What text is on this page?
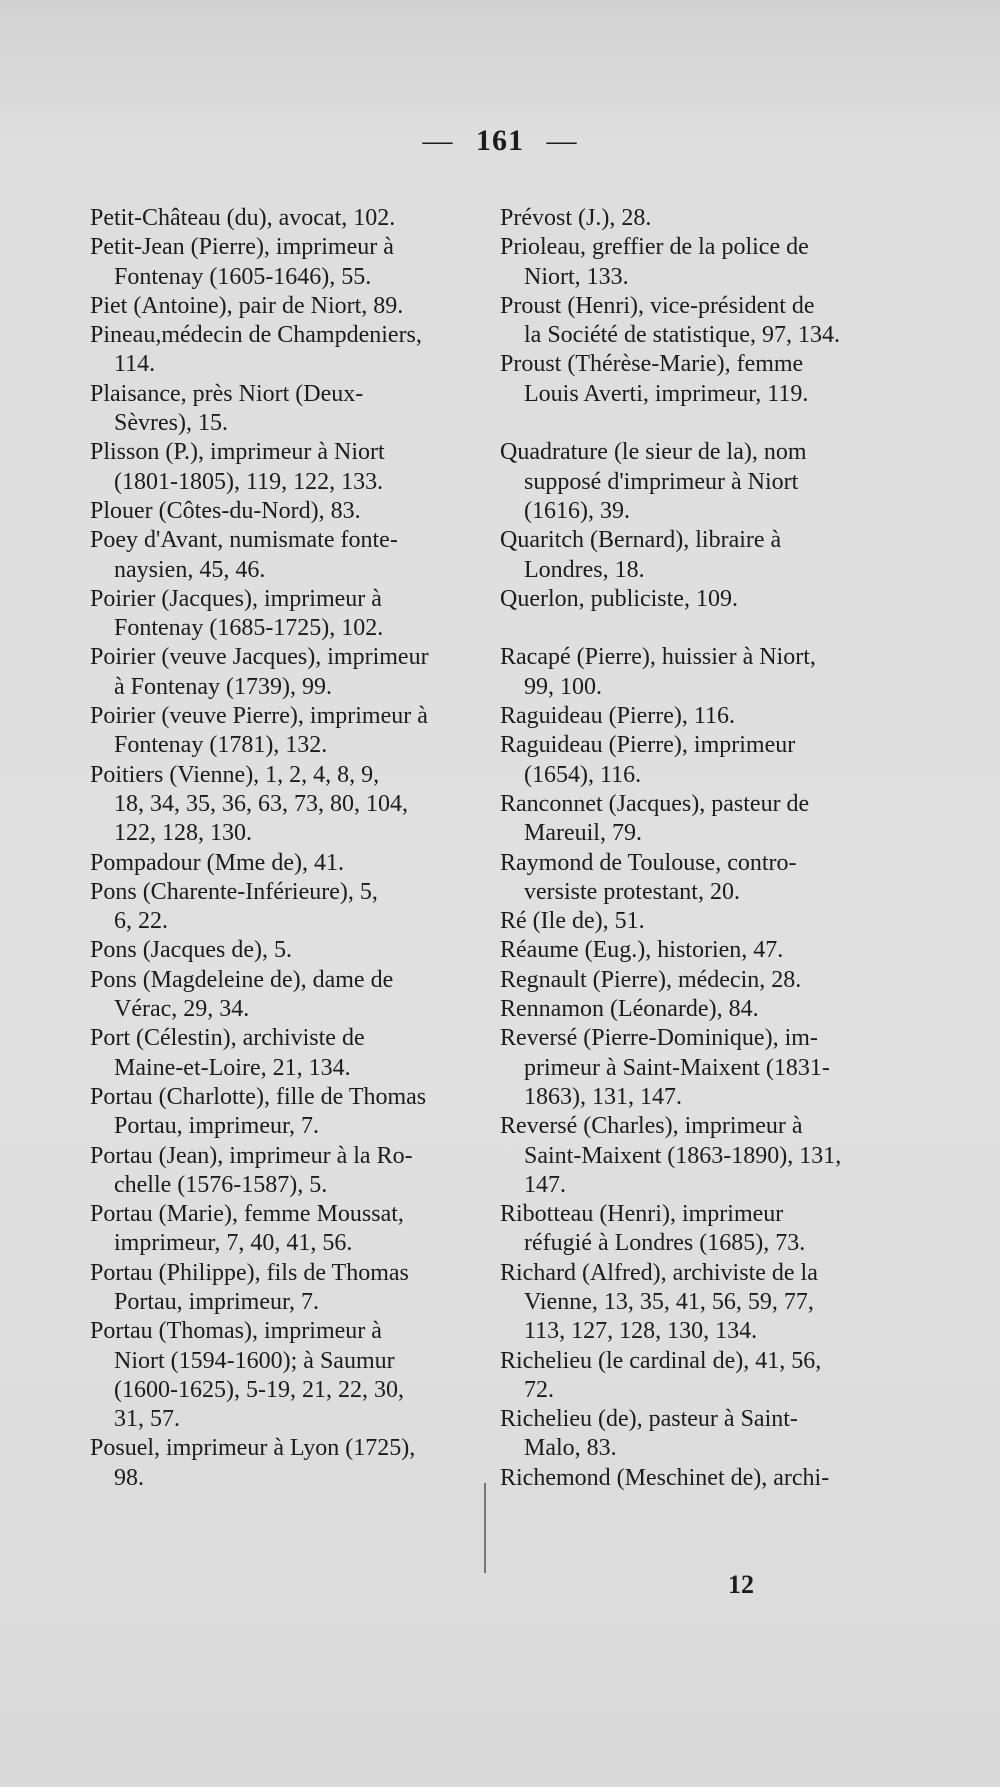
— 161 —
Petit-Château (du), avocat, 102.
Petit-Jean (Pierre), imprimeur à
Fontenay (1605-1646), 55.
Piet (Antoine), pair de Niort, 89.
Pineau,médecin de Champdeniers,
114.
Plaisance, près Niort (Deux-
Sèvres), 15.
Plisson (P.), imprimeur à Niort
(1801-1805), 119, 122, 133.
Plouer (Côtes-du-Nord), 83.
Poey d'Avant, numismate fonte-
naysien, 45, 46.
Poirier (Jacques), imprimeur à
Fontenay (1685-1725), 102.
Poirier (veuve Jacques), imprimeur
à Fontenay (1739), 99.
Poirier (veuve Pierre), imprimeur à
Fontenay (1781), 132.
Poitiers (Vienne), 1, 2, 4, 8, 9,
18, 34, 35, 36, 63, 73, 80, 104,
122, 128, 130.
Pompadour (Mme de), 41.
Pons (Charente-Inférieure), 5,
6, 22.
Pons (Jacques de), 5.
Pons (Magdeleine de), dame de
Vérac, 29, 34.
Port (Célestin), archiviste de
Maine-et-Loire, 21, 134.
Portau (Charlotte), fille de Thomas
Portau, imprimeur, 7.
Portau (Jean), imprimeur à la Ro-
chelle (1576-1587), 5.
Portau (Marie), femme Moussat,
imprimeur, 7, 40, 41, 56.
Portau (Philippe), fils de Thomas
Portau, imprimeur, 7.
Portau (Thomas), imprimeur à
Niort (1594-1600); à Saumur
(1600-1625), 5-19, 21, 22, 30,
31, 57.
Posuel, imprimeur à Lyon (1725),
98.
Prévost (J.), 28.
Prioleau, greffier de la police de
Niort, 133.
Proust (Henri), vice-président de
la Société de statistique, 97, 134.
Proust (Thérèse-Marie), femme
Louis Averti, imprimeur, 119.
Quadrature (le sieur de la), nom
supposé d'imprimeur à Niort
(1616), 39.
Quaritch (Bernard), libraire à
Londres, 18.
Querlon, publiciste, 109.
Racapé (Pierre), huissier à Niort,
99, 100.
Raguideau (Pierre), 116.
Raguideau (Pierre), imprimeur
(1654), 116.
Ranconnet (Jacques), pasteur de
Mareuil, 79.
Raymond de Toulouse, contro-
versiste protestant, 20.
Ré (Ile de), 51.
Réaume (Eug.), historien, 47.
Regnault (Pierre), médecin, 28.
Rennamon (Léonarde), 84.
Reversé (Pierre-Dominique), im-
primeur à Saint-Maixent (1831-
1863), 131, 147.
Reversé (Charles), imprimeur à
Saint-Maixent (1863-1890), 131,
147.
Ribotteau (Henri), imprimeur
réfugié à Londres (1685), 73.
Richard (Alfred), archiviste de la
Vienne, 13, 35, 41, 56, 59, 77,
113, 127, 128, 130, 134.
Richelieu (le cardinal de), 41, 56,
72.
Richelieu (de), pasteur à Saint-
Malo, 83.
Richemond (Meschinet de), archi-
12
